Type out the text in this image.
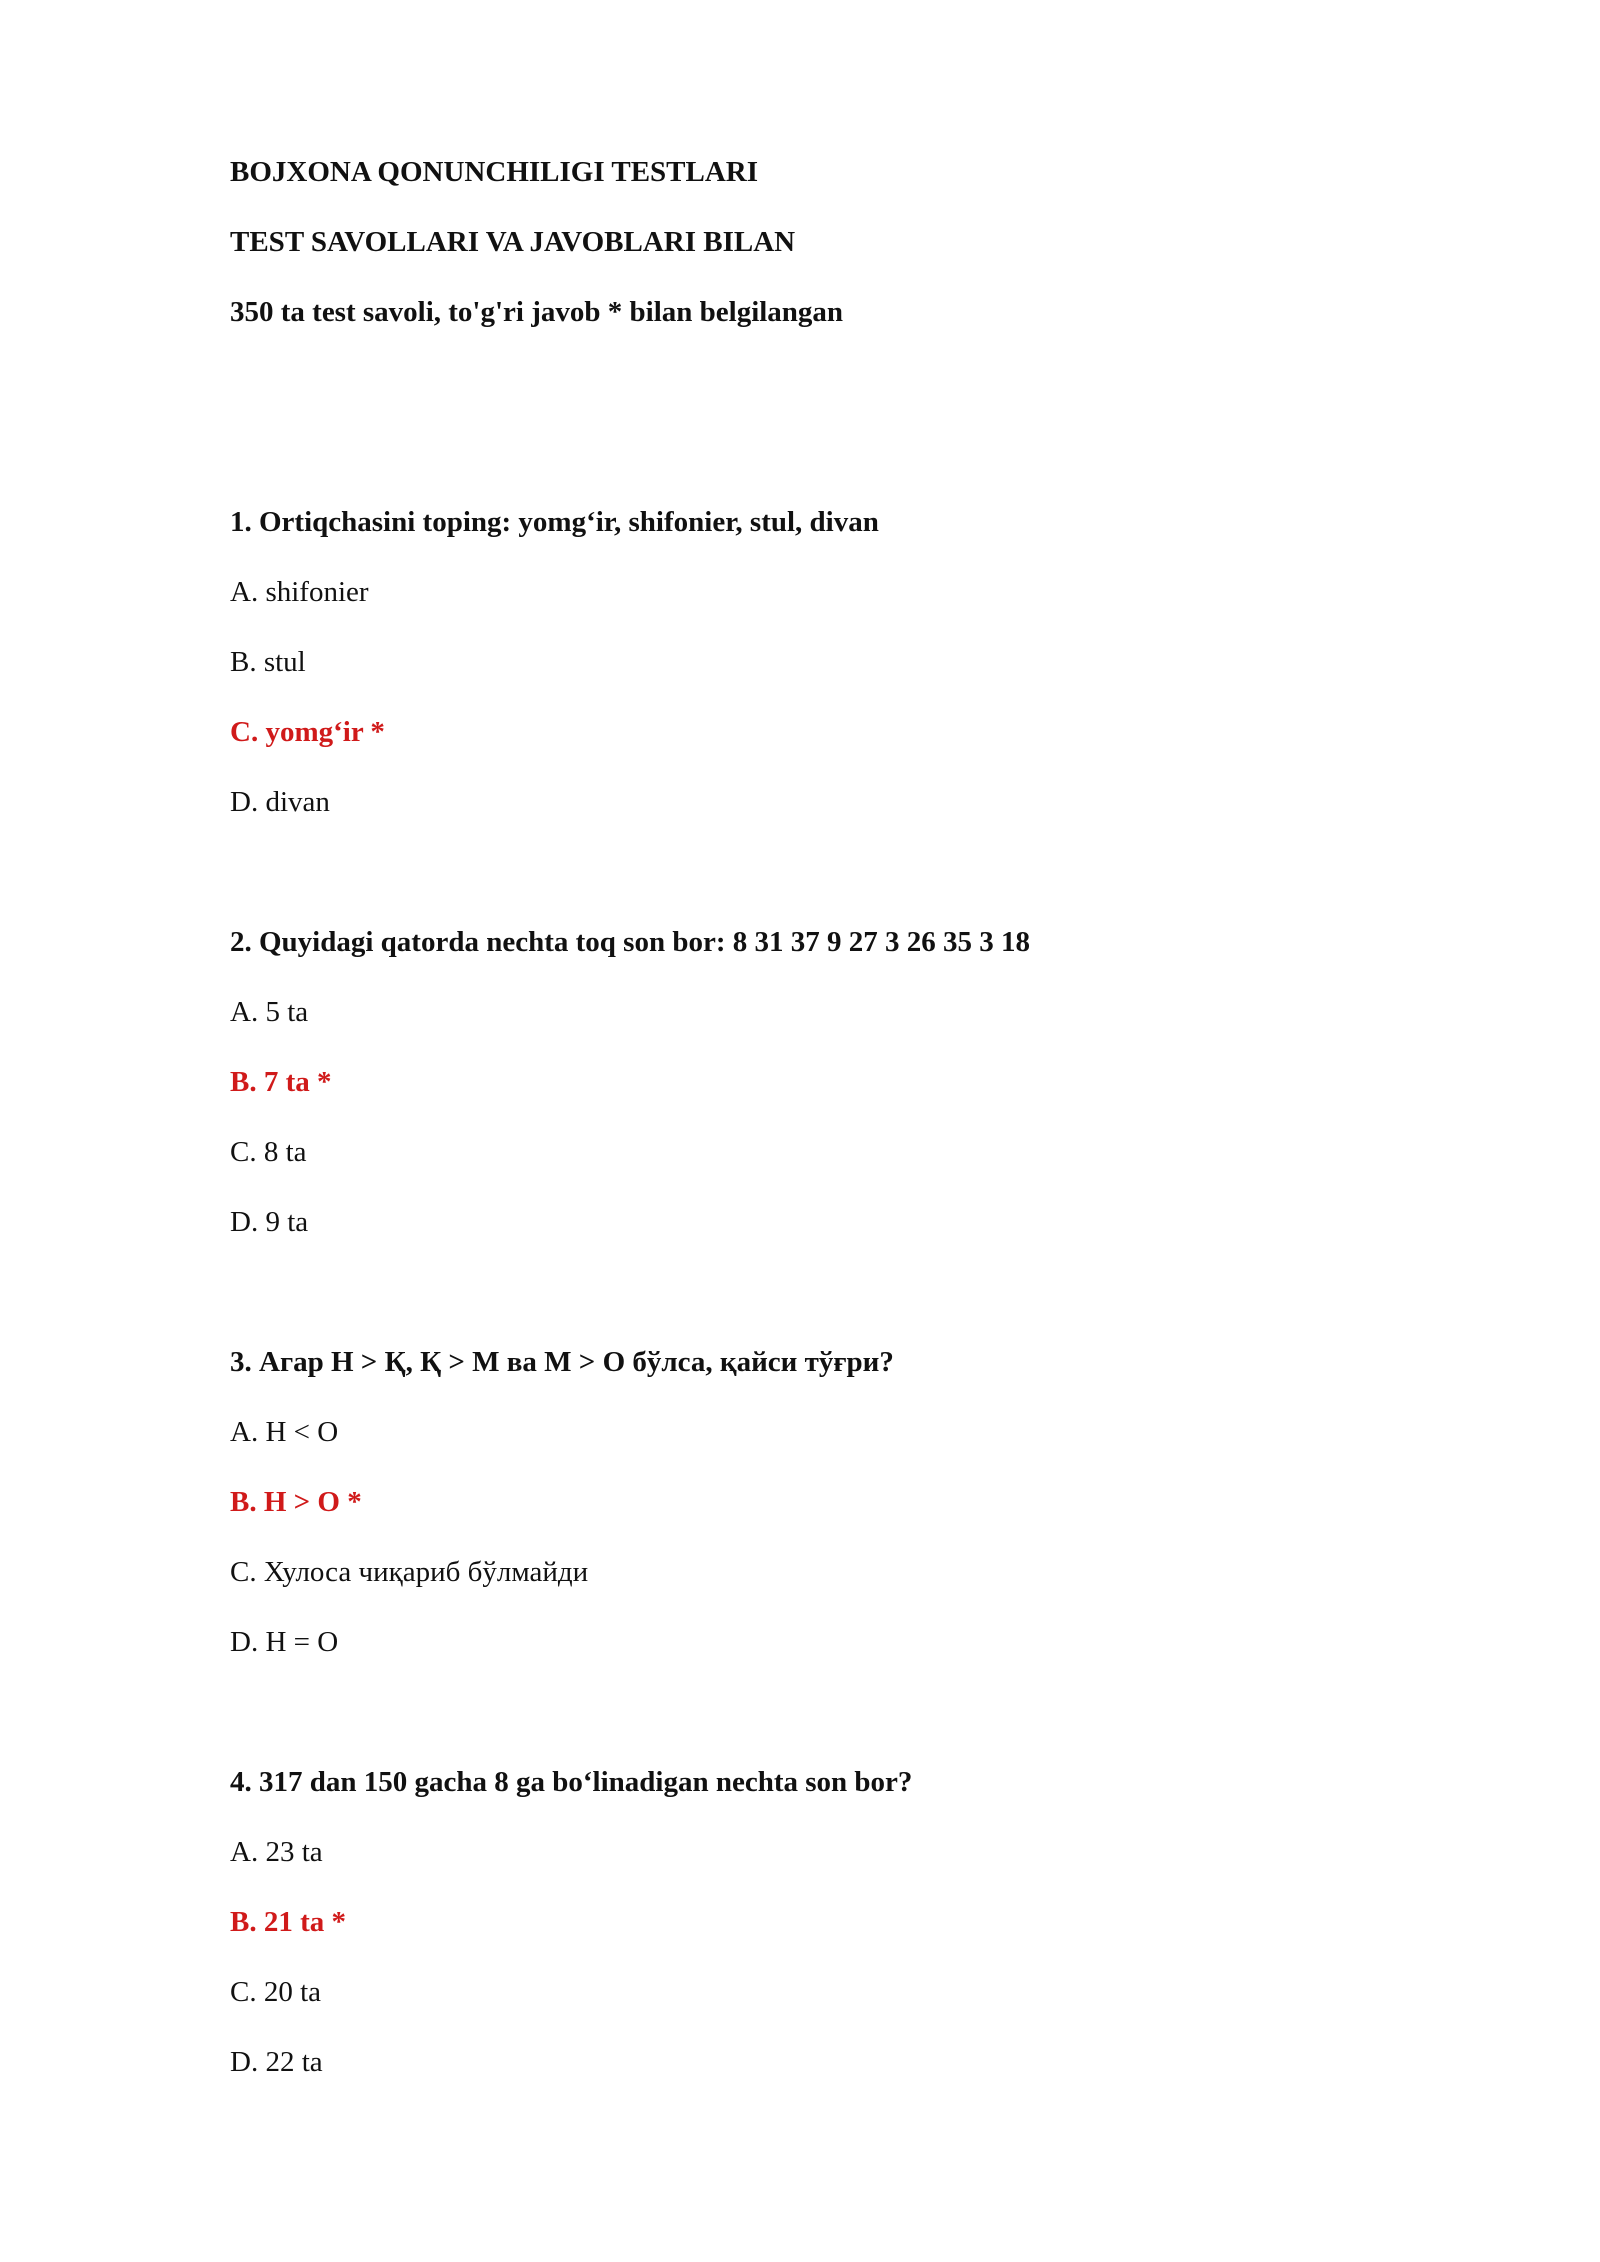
BOJXONA QONUNCHILIGI TESTLARI

TEST SAVOLLARI VA JAVOBLARI BILAN

350 ta test savoli, to'g'ri javob * bilan belgilangan

1. Ortiqchasini toping: yomg‘ir, shifonier, stul, divan

A. shifonier

B. stul

C. yomg‘ir *

D. divan

2. Quyidagi qatorda nechta toq son bor: 8 31 37 9 27 3 26 35 3 18

A. 5 ta

B. 7 ta *

C. 8 ta

D. 9 ta

3. Агар Н > Қ, Қ > М ва М > О бўлса, қайси тўғри?

A. Н < О

B. Н > О *

C. Хулоса чиқариб бўлмайди

D. Н = О

4. 317 dan 150 gacha 8 ga bo‘linadigan nechta son bor?

A. 23 ta

B. 21 ta *

C. 20 ta

D. 22 ta
